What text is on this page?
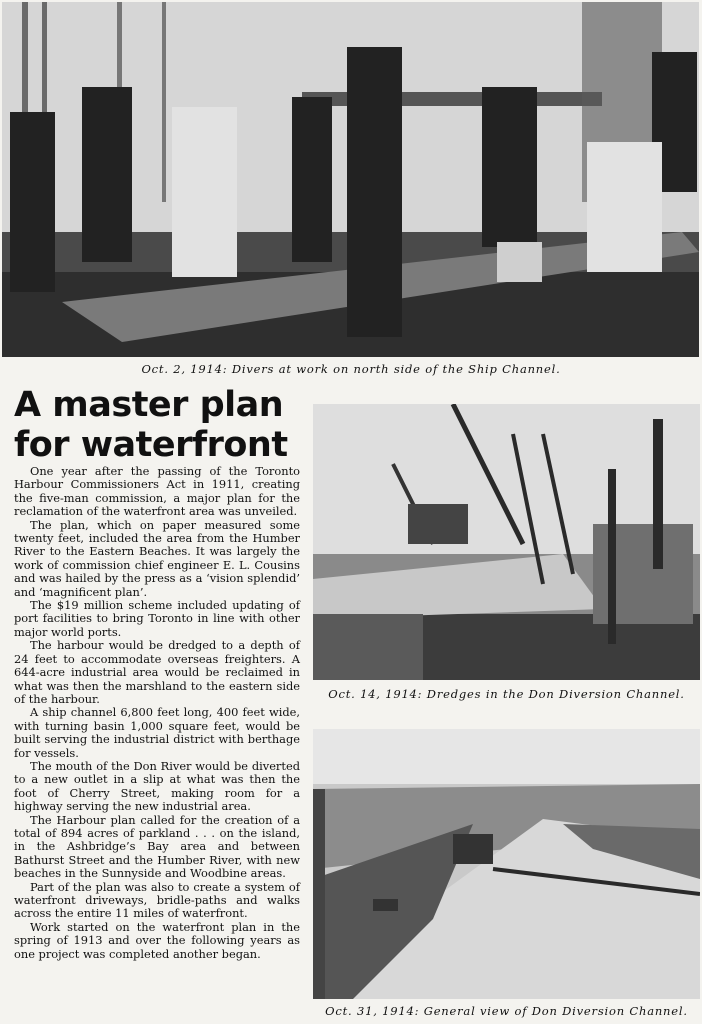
Oct. 2, 1914: Divers at work on north side of the Ship Channel.
A master plan
for waterfront

One year after the passing of the Toronto Harbour Commissioners Act in 1911, creating the five-man commission, a major plan for the reclamation of the waterfront area was unveiled.

The plan, which on paper measured some twenty feet, included the area from the Humber River to the Eastern Beaches. It was largely the work of commission chief engineer E. L. Cousins and was hailed by the press as a ‘vision splendid’ and ‘magnificent plan’.

The $19 million scheme included updating of port facilities to bring Toronto in line with other major world ports.

The harbour would be dredged to a depth of 24 feet to accommodate overseas freighters. A 644-acre industrial area would be reclaimed in what was then the marshland to the eastern side of the harbour.

A ship channel 6,800 feet long, 400 feet wide, with turning basin 1,000 square feet, would be built serving the industrial district with berthage for vessels.

The mouth of the Don River would be diverted to a new outlet in a slip at what was then the foot of Cherry Street, making room for a highway serving the new industrial area.

The Harbour plan called for the creation of a total of 894 acres of parkland . . . on the island, in the Ashbridge’s Bay area and between Bathurst Street and the Humber River, with new beaches in the Sunnyside and Woodbine areas.

Part of the plan was also to create a system of waterfront driveways, bridle-paths and walks across the entire 11 miles of waterfront.

Work started on the waterfront plan in the spring of 1913 and over the following years as one project was completed another began.

Oct. 14, 1914: Dredges in the Don Diversion Channel.
Oct. 31, 1914: General view of Don Diversion Channel.
